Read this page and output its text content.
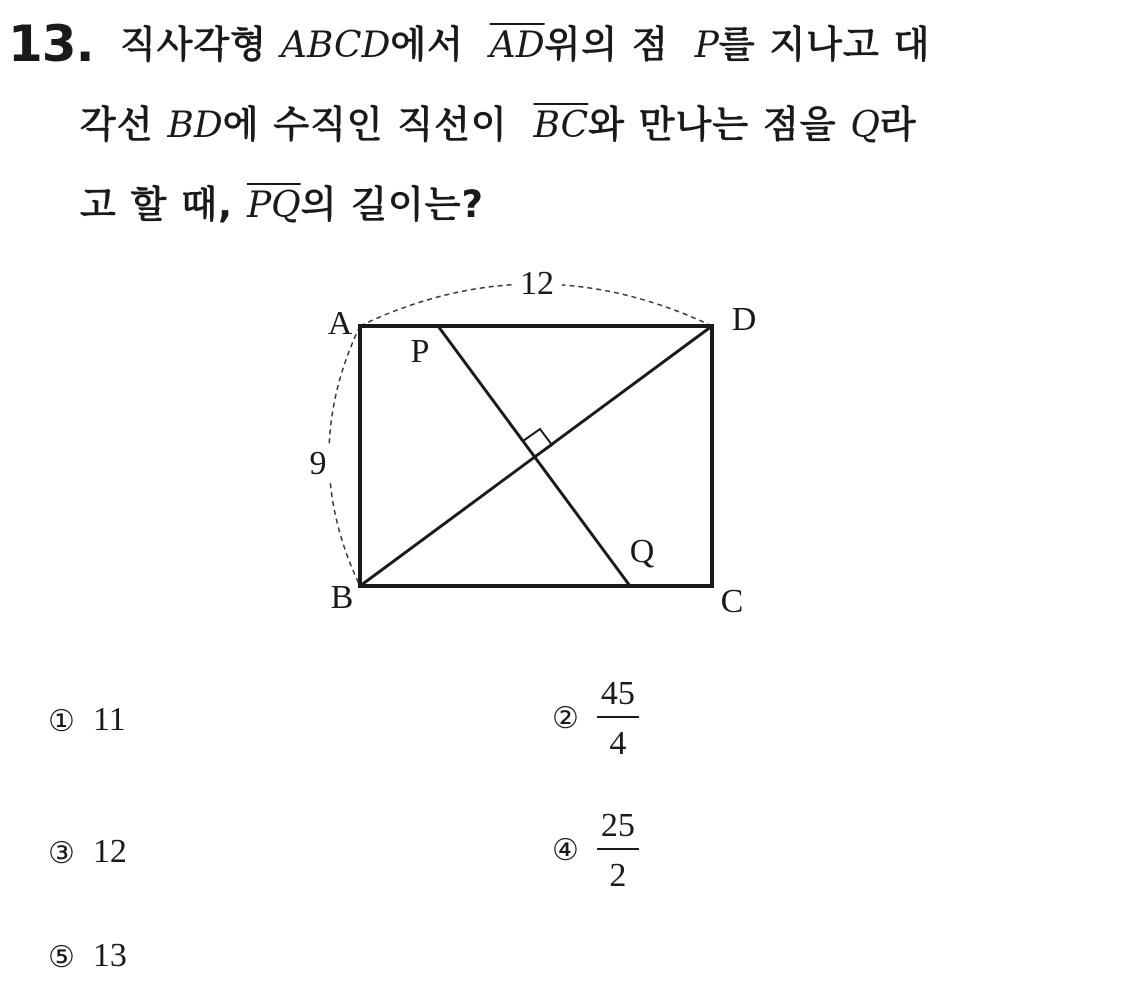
13. 직사각형 ABCD에서 $\overline{AD}$위의 점 P를 지나고 대
각선 BD에 수직인 직선이 $\overline{BC}$와 만나는 점을 Q라
고 할 때, $\overline{PQ}$의 길이는?
12
9
A	D
B	C
P
Q
① 11	② $\frac{45}{4}$
③ 12	④ $\frac{25}{2}$
⑤ 13
